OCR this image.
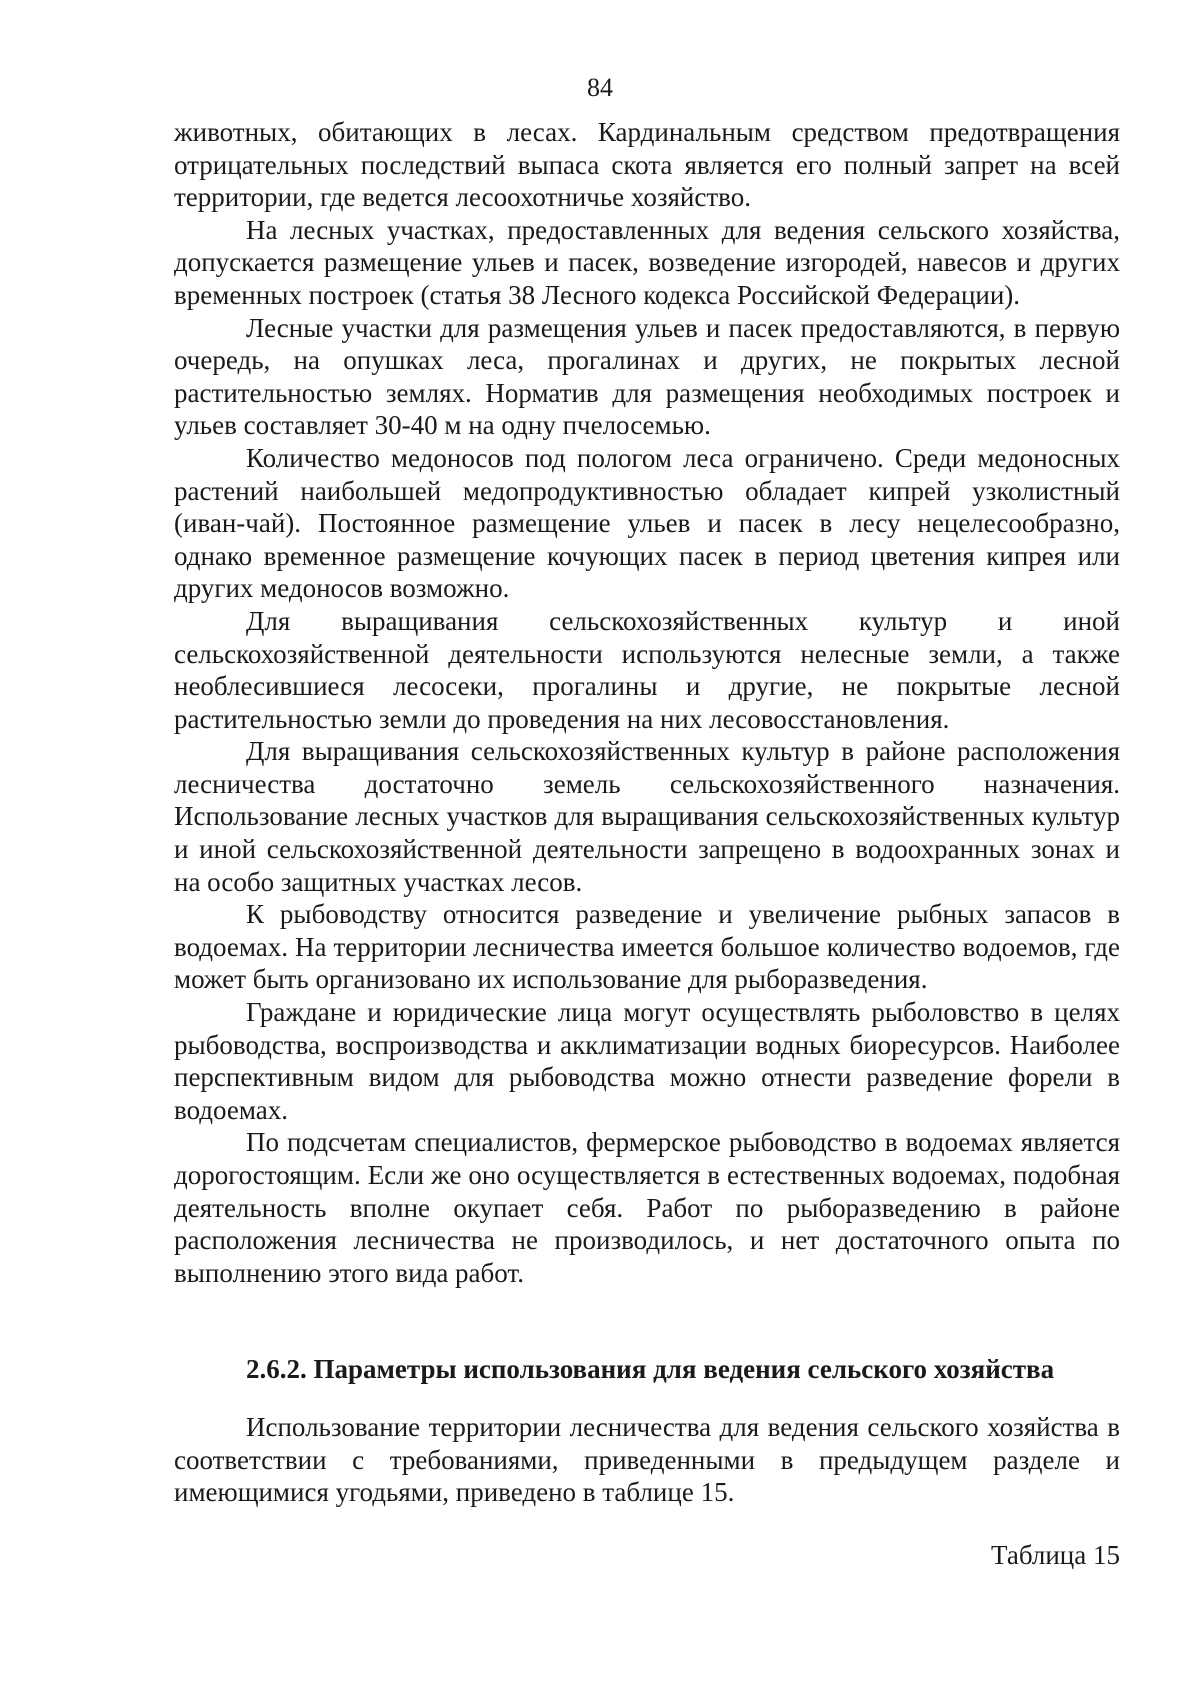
84

животных, обитающих в лесах. Кардинальным средством предотвращения отрицательных последствий выпаса скота является его полный запрет на всей территории, где ведется лесоохотничье хозяйство.

На лесных участках, предоставленных для ведения сельского хозяйства, допускается размещение ульев и пасек, возведение изгородей, навесов и других временных построек (статья 38 Лесного кодекса Российской Федерации).

Лесные участки для размещения ульев и пасек предоставляются, в первую очередь, на опушках леса, прогалинах и других, не покрытых лесной растительностью землях. Норматив для размещения необходимых построек и ульев составляет 30-40 м на одну пчелосемью.

Количество медоносов под пологом леса ограничено. Среди медоносных растений наибольшей медопродуктивностью обладает кипрей узколистный (иван-чай). Постоянное размещение ульев и пасек в лесу нецелесообразно, однако временное размещение кочующих пасек в период цветения кипрея или других медоносов возможно.

Для выращивания сельскохозяйственных культур и иной сельскохозяйственной деятельности используются нелесные земли, а также необлесившиеся лесосеки, прогалины и другие, не покрытые лесной растительностью земли до проведения на них лесовосстановления.

Для выращивания сельскохозяйственных культур в районе расположения лесничества достаточно земель сельскохозяйственного назначения. Использование лесных участков для выращивания сельскохозяйственных культур и иной сельскохозяйственной деятельности запрещено в водоохранных зонах и на особо защитных участках лесов.

К рыбоводству относится разведение и увеличение рыбных запасов в водоемах. На территории лесничества имеется большое количество водоемов, где может быть организовано их использование для рыборазведения.

Граждане и юридические лица могут осуществлять рыболовство в целях рыбоводства, воспроизводства и акклиматизации водных биоресурсов. Наиболее перспективным видом для рыбоводства можно отнести разведение форели в водоемах.

По подсчетам специалистов, фермерское рыбоводство в водоемах является дорогостоящим. Если же оно осуществляется в естественных водоемах, подобная деятельность вполне окупает себя. Работ по рыборазведению в районе расположения лесничества не производилось, и нет достаточного опыта по выполнению этого вида работ.

2.6.2. Параметры использования для ведения сельского хозяйства

Использование территории лесничества для ведения сельского хозяйства в соответствии с требованиями, приведенными в предыдущем разделе и имеющимися угодьями, приведено в таблице 15.

Таблица 15
